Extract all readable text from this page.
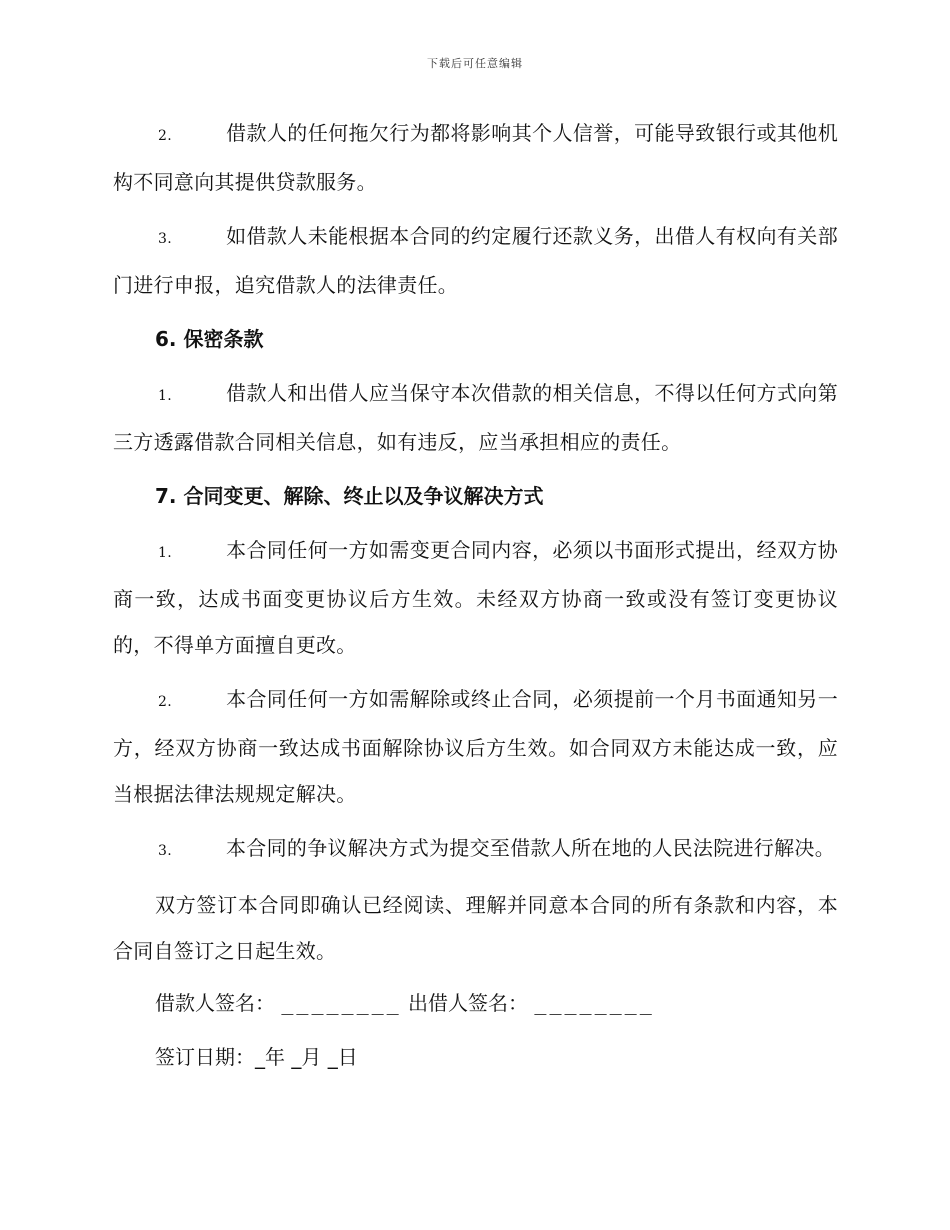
下载后可任意编辑
2.	借款人的任何拖欠行为都将影响其个人信誉，可能导致银行或其他机构不同意向其提供贷款服务。
3.	如借款人未能根据本合同的约定履行还款义务，出借人有权向有关部门进行申报，追究借款人的法律责任。
6. 保密条款
1.	借款人和出借人应当保守本次借款的相关信息，不得以任何方式向第三方透露借款合同相关信息，如有违反，应当承担相应的责任。
7. 合同变更、解除、终止以及争议解决方式
1.	本合同任何一方如需变更合同内容，必须以书面形式提出，经双方协商一致，达成书面变更协议后方生效。未经双方协商一致或没有签订变更协议的，不得单方面擅自更改。
2.	本合同任何一方如需解除或终止合同，必须提前一个月书面通知另一方，经双方协商一致达成书面解除协议后方生效。如合同双方未能达成一致，应当根据法律法规规定解决。
3.	本合同的争议解决方式为提交至借款人所在地的人民法院进行解决。
双方签订本合同即确认已经阅读、理解并同意本合同的所有条款和内容，本合同自签订之日起生效。
借款人签名： ________ 出借人签名： ________
签订日期：_年 _月 _日
